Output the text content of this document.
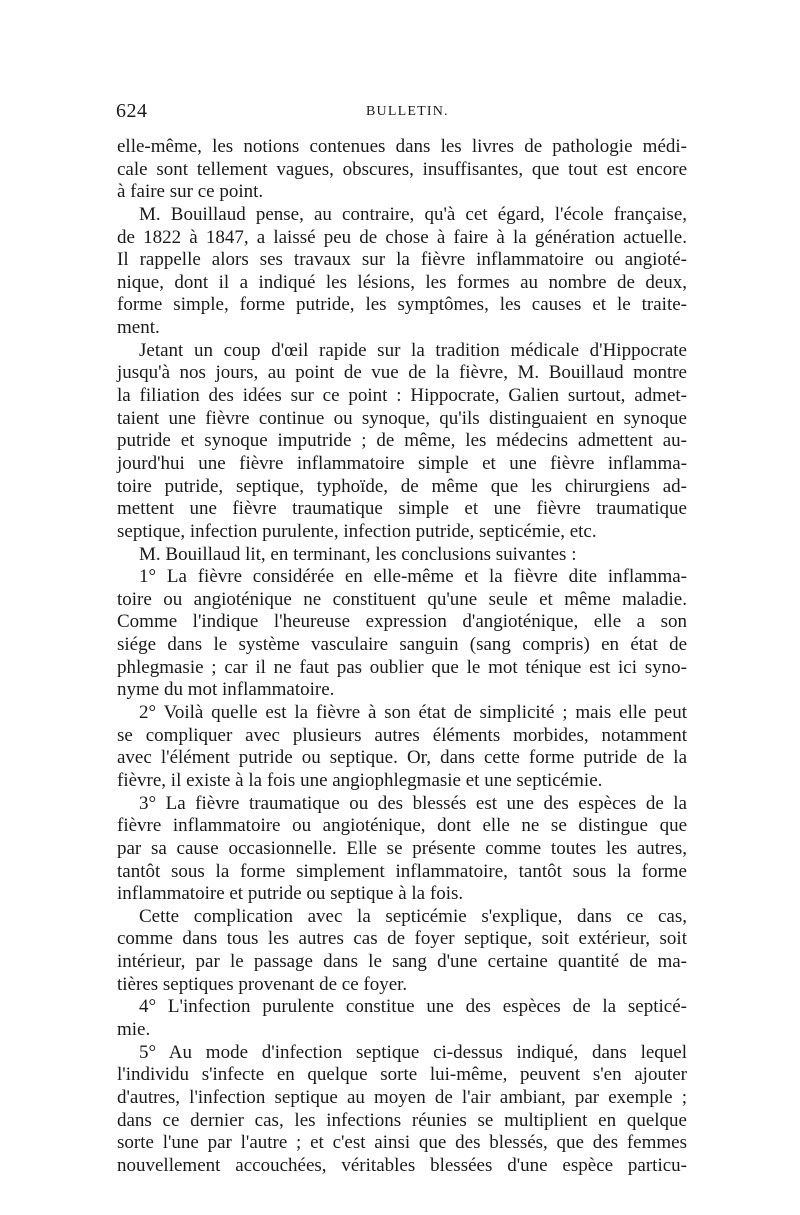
624	BULLETIN.
elle-même, les notions contenues dans les livres de pathologie médi-
cale sont tellement vagues, obscures, insuffisantes, que tout est encore
à faire sur ce point.
M. Bouillaud pense, au contraire, qu'à cet égard, l'école française,
de 1822 à 1847, a laissé peu de chose à faire à la génération actuelle.
Il rappelle alors ses travaux sur la fièvre inflammatoire ou angioté-
nique, dont il a indiqué les lésions, les formes au nombre de deux,
forme simple, forme putride, les symptômes, les causes et le traite-
ment.
Jetant un coup d'œil rapide sur la tradition médicale d'Hippocrate
jusqu'à nos jours, au point de vue de la fièvre, M. Bouillaud montre
la filiation des idées sur ce point : Hippocrate, Galien surtout, admet-
taient une fièvre continue ou synoque, qu'ils distinguaient en synoque
putride et synoque imputride ; de même, les médecins admettent au-
jourd'hui une fièvre inflammatoire simple et une fièvre inflamma-
toire putride, septique, typhoïde, de même que les chirurgiens ad-
mettent une fièvre traumatique simple et une fièvre traumatique
septique, infection purulente, infection putride, septicémie, etc.
M. Bouillaud lit, en terminant, les conclusions suivantes :
1° La fièvre considérée en elle-même et la fièvre dite inflamma-
toire ou angioténique ne constituent qu'une seule et même maladie.
Comme l'indique l'heureuse expression d'angioténique, elle a son
siége dans le système vasculaire sanguin (sang compris) en état de
phlegmasie ; car il ne faut pas oublier que le mot ténique est ici syno-
nyme du mot inflammatoire.
2° Voilà quelle est la fièvre à son état de simplicité ; mais elle peut
se compliquer avec plusieurs autres éléments morbides, notamment
avec l'élément putride ou septique. Or, dans cette forme putride de la
fièvre, il existe à la fois une angiophlegmasie et une septicémie.
3° La fièvre traumatique ou des blessés est une des espèces de la
fièvre inflammatoire ou angioténique, dont elle ne se distingue que
par sa cause occasionnelle. Elle se présente comme toutes les autres,
tantôt sous la forme simplement inflammatoire, tantôt sous la forme
inflammatoire et putride ou septique à la fois.
Cette complication avec la septicémie s'explique, dans ce cas,
comme dans tous les autres cas de foyer septique, soit extérieur, soit
intérieur, par le passage dans le sang d'une certaine quantité de ma-
tières septiques provenant de ce foyer.
4° L'infection purulente constitue une des espèces de la septicé-
mie.
5° Au mode d'infection septique ci-dessus indiqué, dans lequel
l'individu s'infecte en quelque sorte lui-même, peuvent s'en ajouter
d'autres, l'infection septique au moyen de l'air ambiant, par exemple ;
dans ce dernier cas, les infections réunies se multiplient en quelque
sorte l'une par l'autre ; et c'est ainsi que des blessés, que des femmes
nouvellement accouchées, véritables blessées d'une espèce particu-
